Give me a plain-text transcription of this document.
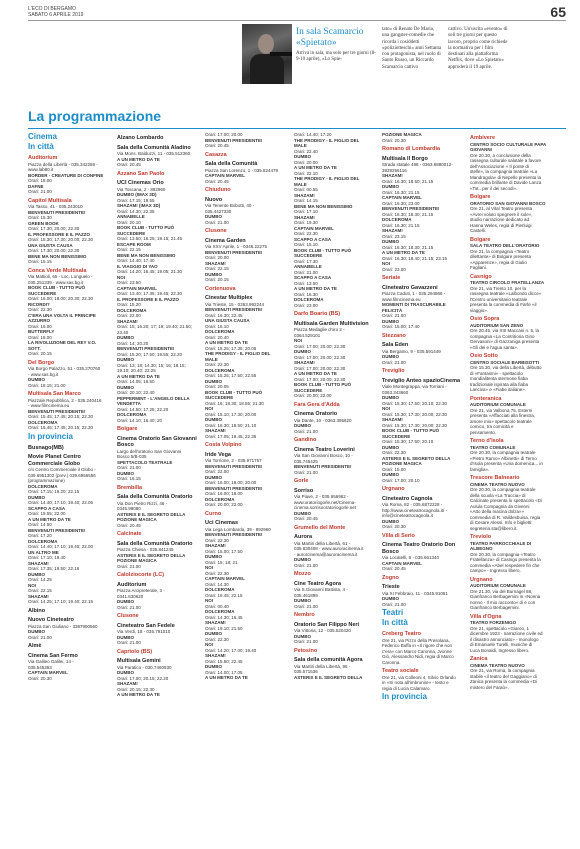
L'ECO DI BERGAMO
SABATO 6 APRILE 2019	65
In sala Scamarcio «Spietato»
Arriva in sala, ma solo per tre giorni (8-9-10 aprile), «Lo Spie-
tato» di Renato De Maria, una gangster-comedie che ricorda i cosiddetti «poliziotteschi» anni Settanta con protagonista, nel ruolo di Santo Russo, un Riccardo Scamarcio cattivo
cattivo. Un'uscita «evento» di soli tre giorni per questo lavoro, proprio come richiede la normativa per i film destinati alla piattaforma Netflix, dove «Lo Spietato» approderà il 19 aprile.
La programmazione
Cinema
In città
Auditorium
Piazza della Libertà - 035.342259 -
www.lab80.it
BORDER - CREATURE DI CONFINE
Orari: 18.00
DAFNE
Orari: 21.00
Capitol Multisala
Via Tasso, 41 - 035.243010
BENVENUTI PRESIDENTE!
Orari: 15.30
GREEN BOOK
Orari: 17.30; 20.00; 22.30
IL PROFESSORE E IL PAZZO
Orari: 15.30; 17.30; 20.00; 22.30
UNA GIUSTA CAUSA
Orari: 17.30; 20.00; 22.30
BENE MA NON BENISSIMO
Orari: 15.15
Conca Verde Multisala
Via Mattioli, 65 - Loc. Longuelo -
035.251339 - www.sas.bg.it
BOOK CLUB - TUTTO PUÒ
SUCCEDERE
Orari: 16.00; 18.00; 20.30; 22.30
RICORDI?
Orari: 22.30
C'ERA UNA VOLTA IL PRINCIPE
AZZURRO
Orari: 16.00
BUTTERFLY
Orari: 18.00
LA RIVOLUZIONE DEL REY V.O.
SOTT.
Orari: 20.15
Del Borgo
Via Borgo Palazzo, 51 - 035.270760
- www.sas.bg.it
DUMBO
Orari: 18.15; 21.00
Multisala San Marco
Piazzale Repubblica, 2 - 035.240416
- www.filmcinema.eu
BENVENUTI PRESIDENTE!
Orari: 15.45; 17.45; 20.15; 22.30
DOLCEROMA
Orari: 15.45; 17.45; 20.15; 22.30
In provincia
Busnago(MB)
Movie Planet Centro Commerciale Globo
c/o Centro Commerciale il Globo -
039.6951302 (prev.) 039.6956556
(programmazione)
DOLCEROMA
Orari: 17.15; 19.20; 22.15
DUMBO
Orari: 14.40; 17.10; 19.40; 22.05
SCAPPO A CASA
Orari: 19.55; 22.00
A UN METRO DA TE
Orari: 14.50
BENVENUTI PRESIDENTE!
Orari: 17.20
DOLCEROMA
Orari: 14.40; 17.10; 19.40; 22.00
UN ALTRO ME
Orari: 17.10; 19.40
SHAZAM!
Orari: 17.35; 19.50; 22.16
DUMBO
Orari: 14.25
NOI
Orari: 22.15
SHAZAM!
Orari: 14.25; 17.10; 19.40; 22.15
Albino
Nuovo Cineteatro
Piazza San Giuliano - 3387990560
DUMBO
Orari: 21.00
Almè
Cinema San Fermo
Via Galileo Galilei, 14 -
035.545363
CAPTAIN MARVEL
Orari: 20.30
Alzano Lombardo
Sala della Comunità Aladino
Via Mons. Balduzzi, 11 - 035.512360
A UN METRO DA TE
Orari: 20.45
Azzano San Paolo
UCI Cinemas Orio
Via Toscana, 2 - 892960
DUMBO (IMAX 3D)
Orari: 17.15; 19.55
SHAZAM! (IMAX 3D)
Orari: 14.30; 22.35
ANNABELLE
Orari: 20.10
BOOK CLUB - TUTTO PUÒ
SUCCEDERE
Orari: 13.50; 16.25; 19.15; 21.45
ESCAPE ROOM
Orari: 22.15
BENE MA NON BENISSIMO
Orari: 14.40; 17.40
IL VIAGGIO DI YAO
Orari: 14.20; 16.45; 19.05; 21.30
NOI
Orari: 23.50
CAPTAIN MARVEL
Orari: 13.40; 17.35; 19.45; 22.30
IL PROFESSORE E IL PAZZO
Orari: 15.20
DOLCEROMA
Orari: 22.00
SHAZAM!
Orari: 15; 16.20; 17; 19; 19.40; 21.50;
23.40
DUMBO
Orari: 14; 20.20
BENVENUTI PRESIDENTE!
Orari: 15.20; 17.50; 19.55; 22.20
DUMBO
Orari: 13; 18; 14.30; 15; 16; 18.15;
19.10; 20.40; 22.25
A UN METRO DA TE
Orari: 14.05; 16.50
DUMBO
Orari: 20.10; 22.40
PEPPERMINT - L'ANGELO DELLA
VENDETTA
Orari: 14.50; 17.25; 22.20
DOLCEROMA
Orari: 14.10; 16.40; 20
Bolgare
Cinema Oratorio San Giovanni Bosco
Largo dell'oratorio San Giovanni
Bosco 5/B-035
SPETTACOLO TEATRALE
Orari: 21.00
DUMBO
Orari: 16.15
Brembilla
Sala della Comunità Oratorio
Via Don Pietro Rizzi, 46 -
0345.98080
ASTERIX E IL SEGRETO DELLA
POZIONE MAGICA
Orari: 20.45
Calcinate
Sala della Comunità Oratorio
Piazza Chiesa - 035.841245
ASTERIX E IL SEGRETO DELLA
POZIONE MAGICA
Orari: 21.00
Calolziocorte (LC)
Auditorium
Piazza Arcipreterale, 3 -
0341.630620
DUMBO
Orari: 21.00
Clusone
Cineteatro San Fedele
Via Verdi, 18 - 035.791010
DUMBO
Orari: 21.00
Capriolo (BS)
Multisala Gemini
Via Paratico - 030.7460530
DUMBO
Orari: 17.00; 20.15; 22.20
SHAZAM!
Orari: 20.15; 22.30
A UN METRO DA TE
Orari: 17.00; 20.00
BENVENUTI PRESIDENTE!
Orari: 20.45
Casazza
Sala della Comunità
Piazza San Lorenzo, 1 - 035.824479
CAPTAIN MARVEL
Orari: 20.45
Chiuduno
Nuovo
Via Tenente Bobotti, 40 -
035.4427330
DUMBO
Orari: 21.00
Clusone
Cinema Garden
Via XXV Aprile, 1 - 0346.22275
BENVENUTI PRESIDENTE!
Orari: 20.00
SHAZAM!
Orari: 22.15
DUMBO
Orari: 20.15
Cortenuova
Cinestar Multiplex
Via Trieste, 15 - 0363.992244
BENVENUTI PRESIDENTE!
Orari: 16.30; 22.45
UNA GIUSTA CAUSA
Orari: 18.10
DOLCEROMA
Orari: 20.40
A UN METRO DA TE
Orari: 15.25; 17.35; 20.05
THE PRODIGY - IL FIGLIO DEL
MALE
Orari: 22.30
DOLCEROMA
Orari: 15.25; 17.50; 22.55
DUMBO
Orari: 20.05
BOOK CLUB - TUTTO PUÒ
SUCCEDERE
Orari: 16; 18.30; 18.55; 21.30
NOI
Orari: 15.10; 17.30; 20.00
DUMBO
Orari: 16.30; 18.50; 21.10
SHAZAM!
Orari: 17.05; 19.45; 22.35
Costa Volpino
Iride Vega
Via Torrione, 2 - 035.971757
BENVENUTI PRESIDENTE!
Orari: 22.00
DUMBO
Orari: 16.00; 18.00; 20.00
BENVENUTI PRESIDENTE!
Orari: 16.00; 18.00
DOLCEROMA
Orari: 20.00; 22.00
Curno
Uci Cinemas
Via Lega Lombarda, 39 - 892960
BENVENUTI PRESIDENTE!
Orari: 22.30
SHAZAM!
Orari: 15.00; 17.50
DUMBO
Orari: 15; 18; 21
NOI
Orari: 22.30
CAPTAIN MARVEL
Orari: 14.30
DOLCEROMA
Orari: 19.45; 22.15
NOI
Orari: 00.40
DOLCEROMA
Orari: 14.30; 16.45
SHAZAM!
Orari: 19.10; 21.50
DUMBO
Orari: 22.30
NOI
Orari: 14.20; 17.00; 19.40
SHAZAM!
Orari: 15.50; 22.45
DUMBO
Orari: 14.00; 17.05
A UN METRO DA TE
Orari: 14.40; 17.20
THE PRODIGY - IL FIGLIO DEL
MALE
Orari: 22.40
DUMBO
Orari: 20.00
A UN METRO DA TE
Orari: 22.10
THE PRODIGY - IL FIGLIO DEL
MALE
Orari: 00.55
SHAZAM!
Orari: 14.15
BENE MA NON BENISSIMO
Orari: 17.10
SHAZAM!
Orari: 19.30
CAPTAIN MARVEL
Orari: 22.30
SCAPPO A CASA
Orari: 15.10
BOOK CLUB - TUTTO PUÒ
SUCCEDERE
Orari: 17.30
ANNABELLE
Orari: 21.00
SCAPPO A CASA
Orari: 13.50
A UN METRO DA TE
Orari: 16.30
DOLCEROMA
Orari: 23.00
Darfo Boario (BS)
Multisala Garden Multivision
Piazza Medaglie d'oro 2 -
0364.529101
NOI
Orari: 17.00; 20.00; 22.30
DUMBO
Orari: 17.00; 20.00; 22.30
SHAZAM!
Orari: 17.00; 20.00; 22.30
A UN METRO DA TE
Orari: 17.00; 20.00; 22.30
BOOK CLUB - TUTTO PUÒ
SUCCEDERE
Orari: 20.00; 22.00
Fara Gera d'Adda
Cinema Oratorio
Via Dante, 10 - 0363.395620
DUMBO
Orari: 21.00
Gandino
Cinema Teatro Loverini
Via San Giovanni Bosco, 10 -
035.745425
BENVENUTI PRESIDENTE!
Orari: 21.00
Gorle
Sorriso
Via Piave, 2 - 035.656962 -
www.oratoriogorle.net/Cinema-
cinema.sorrisooratoriogorle.net
DUMBO
Orari: 20.45
Grumello del Monte
Aurora
Via Martiri della Libertà, 61 -
035.830408 - www.auroracinema.it
- aurorcinema@auroracinema.it
DUMBO
Orari: 21.00
Mozzo
Cine Teatro Agora
Via S.Giovanni Battista, 4 -
035.461899
DUMBO
Orari: 21.00
Nembro
Oratorio San Filippo Neri
Via Vittoria, 12 - 035.520420
DUMBO
Orari: 21.00
Petosino
Sala della comunità Agora
Via Martiri della Libertà, 95 -
035.571536
ASTERIX E IL SEGRETO DELLA
POZIONE MAGICA
Orari: 20.30
Romano di Lombardia
Multisala Il Borgo
Strada statale 498 - 0363.6880012-
3928256116
SHAZAM!
Orari: 16.30; 18.50; 21.15
DUMBO
Orari: 16.30; 21.15
CAPTAIN MARVEL
Orari: 16.30; 23.00
BENVENUTI PRESIDENTE!
Orari: 16.30; 18.30; 21.15
DOLCEROMA
Orari: 16.30; 21.15
SHAZAM!
Orari: 23.15
DUMBO
Orari: 16.30; 18.30; 21.15
A UN METRO DA TE
Orari: 16.30; 18.40; 21.15; 23.15
NOI
Orari: 23.00
Seriate
Cineteatro Gavazzeni
Piazza Caduti, 1 - 035.294866 -
www.filmcinema.eu
MOMENTI DI TRASCURABILE
FELICITÀ
Orari: 21.00
DUMBO
Orari: 15.00; 17.40
Stezzano
Sala Eden
Via Bergamo, 9 - 035.591449
DUMBO
Orari: 21.00
Treviglio
Treviglio Anteo spazioCinema
Viale Montegrappa, via Torriani -
0363.343660
DUMBO
Orari: 15.30; 17.50; 20.10; 22.30
NOI
Orari: 15.30; 17.30; 20.00; 22.30
SHAZAM!
Orari: 15.30; 17.30; 20.00; 22.30
BOOK CLUB - TUTTO PUÒ
SUCCEDERE
Orari: 15.30; 17.50; 20.10
DUMBO
Orari: 22.30
ASTERIX E IL SEGRETO DELLA
POZIONE MAGICA
Orari: 15.00
DUMBO
Orari: 17.00; 20.10
Urgnano
Cineteatro Cagnola
Via Roma, 82 - 035.6872228 -
http://www.cineteatrocagnola.it/ -
info@cineteatrocagnola.it
DUMBO
Orari: 20.30
Villa di Serio
Cinema Teatro Oratorio Don Bosco
Via Locatelli, 6 - 035.661340
CAPTAIN MARVEL
Orari: 20.45
Zogno
Trieste
Via XI Febbraio, 11 - 0345.91051
DUMBO
Orari: 21.00
Teatri
In città
Creberg Teatro
Ore 21, via Pizzo della Presolana,
Federico Buffa in «Il rigore che non
c'era» con Marco Caronna, Jvonne
Giò, Alessandro Nidi, regia di Marco
Caronna.
Teatro sociale
Ore 21, via Colleoni 4, Silvio Orlando
in «Si nota all'imbrunire» - testo e
regia di Lucia Calamaro.
In provincia
Ambivere
CENTRO SOCIO CULTURALE PAPA
GIOVANNI
Ore 20.30, a conclusione della
rassegna culturale salutale a favore
dell'Associazione « Il ponte di
stelle», la compagnia teatrale «La
Mandragola» di Nepello presenta la
commedia brillante di Davide Lanza
«Tot...per il dei secodi».
Bolgare
ORATORIO SAN GIOVANNI BOSCO
Ore 21, al Vital Teatro presenta
«Avrei voluto spegnere il sole»,
studio narrazione dedicato ad
Hanna Weles, regia di Pierluigi
Castelli.
Bolgare
SALA TEATRO DELL'ORATORIO
Ore 21, la compagnia «Teatro
dilettante» di Bolgare presenta
«Apparenze», regia di Giulio
Fagliani.
Casnigo
TEATRO CIRCOLO FRATELLANZA
Ore 21, via Trento 10, per la
rassegna teatrale «Lalbondo dicce»
l'Centro universitario teatrale
presenta la commedia di Farfe «il
viaggio».
Osio Sopra
AUDITORIUM SAN ZENO
Ore 20.45, via XIII Maccani n. 5, la
compagnia «La Contritioria Gino
Gervasoni» di Gazzaniga presenta
«Gli dei e l'agua santa».
Osio Sotto
CENTRO SOCIALE BARBISOTTI
Ore 15.30, via della Libertà, débutto
di «Fantasmi» - spettacolo
mondialitenta stermone fiaba
tradizionale ispirata alla fiaba
Lanciva» e «Fiabe italiane».
Ponteranica
AUDITORIUM COMUNALE
Ore 21, via Valbona 75, Esterni
presenta «Affacciati alla finestra,
amore mio» spettacolo teatrale
comico, tra comicità e
pensamento.
Terno d'Isola
TEATRO COMUNALE
Ore 20.30, la compagnia teatrale
«Pietro Ramo» Albinetti» di Terno
d'Isola presenta «Una domenica... in
famiglia».
Trescore Balneario
CINEMA TEATRO NUOVO
Ore 20.30, la compagnia teatrale
della scuola «La Traccia» di
Calcinate presenta lo spettacolo «Di
Aulula Compagnia da Givenni
«Atto della macina dolza»»
commedia di R. Vaildesbuisa, regia
di Cesare Alessi. Info e biglietti:
segreteria.sta@libero.it.
Treviolo
TEATRO PARROCCHIALE DI
ALBEGNO
Ore 20.30, la compagnia «Teatro
Fratellanza» di Casnigo presenta la
commedia «Abel respedere fin che
campo» - Ingresso libero.
Urgnano
AUDITORIUM COMUNALE
Ore 21.30, via del Burnagel 68,
Gianfranco Berbagemini in «Nonna
nonno - Il mio racconto» di e con
Gianfranco Berbagemini.
Villa d'Ogna
TEATRO FORZENIGO
Ore 21, spettacolo «Giaroo, 1
dicembre 1923 - narrazione civile ed
il disastro annunciato» - monologo
di Emanuele Turelli, musiche di
Luca Bonaldi, Ingresso libero.
Zanica
CINEMA TEATRO NUOVO
Ore 21, via Roma, la compagnia
stabile «il teatro del Gaggiano» di
Zanica presenta la commedia «Di
mistero del Faraò».
